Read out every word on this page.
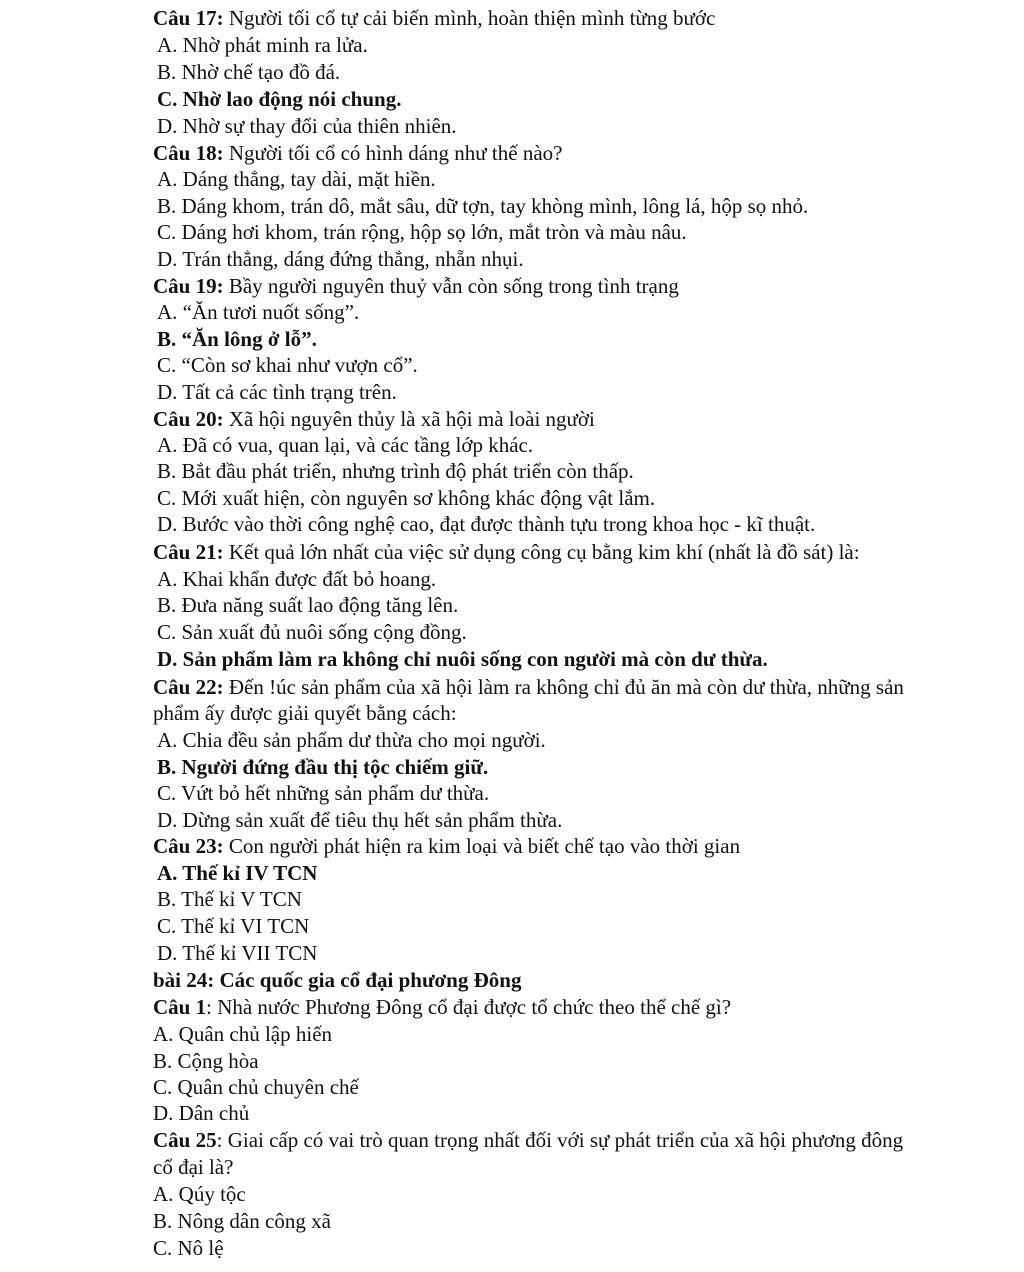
Câu 17: Người tối cổ tự cải biến mình, hoàn thiện mình từng bước
A. Nhờ phát minh ra lửa.
B. Nhờ chế tạo đồ đá.
C. Nhờ lao động nói chung.
D. Nhờ sự thay đổi của thiên nhiên.
Câu 18: Người tối cổ có hình dáng như thế nào?
A. Dáng thẳng, tay dài, mặt hiền.
B. Dáng khom, trán dô, mắt sâu, dữ tợn, tay khòng mình, lông lá, hộp sọ nhỏ.
C. Dáng hơi khom, trán rộng, hộp sọ lớn, mắt tròn và màu nâu.
D. Trán thẳng, dáng đứng thẳng, nhẵn nhụi.
Câu 19: Bầy người nguyên thuỷ vẫn còn sống trong tình trạng
A. “Ăn tươi nuốt sống”.
B. “Ăn lông ở lỗ”.
C. “Còn sơ khai như vượn cổ”.
D. Tất cả các tình trạng trên.
Câu 20: Xã hội nguyên thủy là xã hội mà loài người
A. Đã có vua, quan lại, và các tầng lớp khác.
B. Bắt đầu phát triển, nhưng trình độ phát triển còn thấp.
C. Mới xuất hiện, còn nguyên sơ không khác động vật lắm.
D. Bước vào thời công nghệ cao, đạt được thành tựu trong khoa học - kĩ thuật.
Câu 21: Kết quả lớn nhất của việc sử dụng công cụ bằng kim khí (nhất là đồ sát) là:
A. Khai khẩn được đất bỏ hoang.
B. Đưa năng suất lao động tăng lên.
C. Sản xuất đủ nuôi sống cộng đồng.
D. Sản phẩm làm ra không chỉ nuôi sống con người mà còn dư thừa.
Câu 22: Đến !úc sản phẩm của xã hội làm ra không chỉ đủ ăn mà còn dư thừa, những sản
phẩm ấy được giải quyết bằng cách:
A. Chia đều sản phẩm dư thừa cho mọi người.
B. Người đứng đầu thị tộc chiếm giữ.
C. Vứt bỏ hết những sản phẩm dư thừa.
D. Dừng sản xuất để tiêu thụ hết sản phẩm thừa.
Câu 23: Con người phát hiện ra kim loại và biết chế tạo vào thời gian
A. Thế kỉ IV TCN
B. Thế kỉ V TCN
C. Thế kỉ VI TCN
D. Thế kỉ VII TCN
bài 24: Các quốc gia cổ đại phương Đông
Câu 1: Nhà nước Phương Đông cổ đại được tổ chức theo thể chế gì?
A. Quân chủ lập hiến
B. Cộng hòa
C. Quân chủ chuyên chế
D. Dân chủ
Câu 25: Giai cấp có vai trò quan trọng nhất đối với sự phát triển của xã hội phương đông
cổ đại là?
A. Qúy tộc
B. Nông dân công xã
C. Nô lệ
